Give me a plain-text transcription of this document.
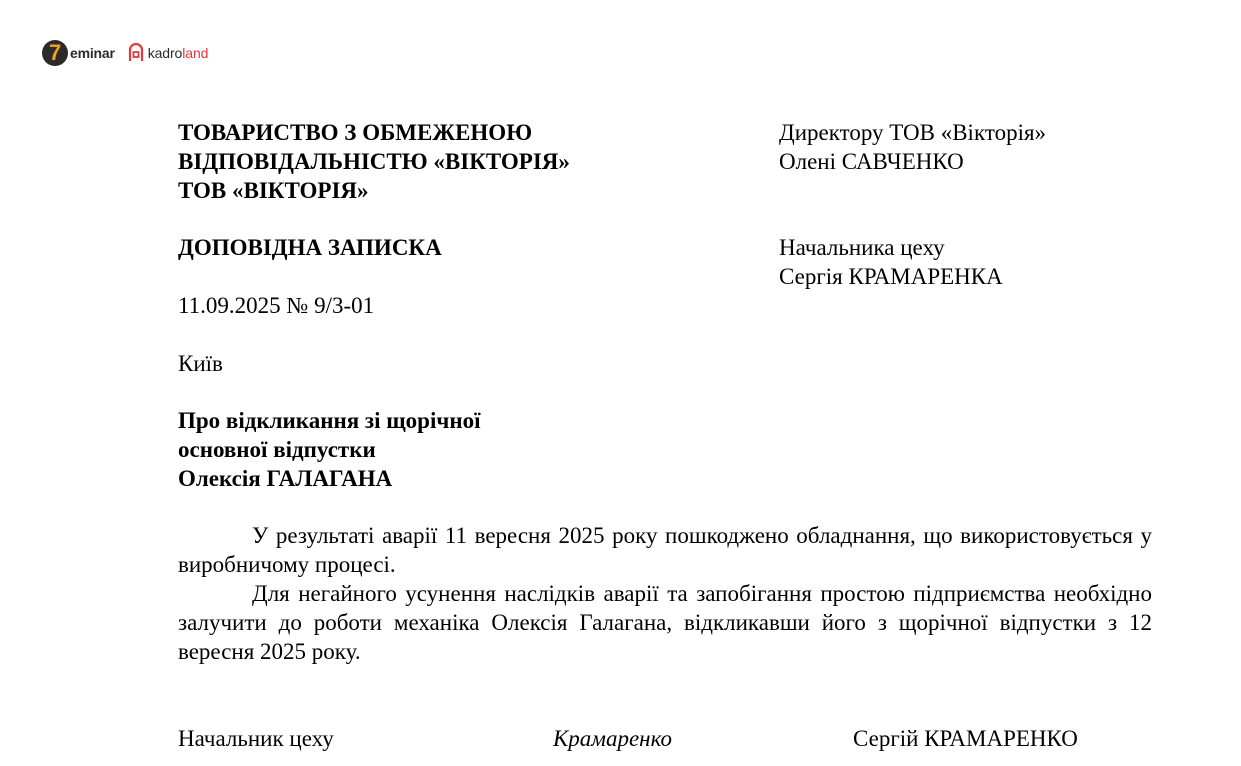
7 eminar kadroland
ТОВАРИСТВО З ОБМЕЖЕНОЮ
ВІДПОВІДАЛЬНІСТЮ «ВІКТОРІЯ»
ТОВ «ВІКТОРІЯ»
Директору ТОВ «Вікторія»
Олені САВЧЕНКО
ДОПОВІДНА ЗАПИСКА	Начальника цеху
Сергія КРАМАРЕНКА
11.09.2025 № 9/3-01
Київ
Про відкликання зі щорічної
основної відпустки
Олексія ГАЛАГАНА

У результаті аварії 11 вересня 2025 року пошкоджено обладнання, що використовується у виробничому процесі.

Для негайного усунення наслідків аварії та запобігання простою підприємства необхідно залучити до роботи механіка Олексія Галагана, відкликавши його з щорічної відпустки з 12 вересня 2025 року.

Начальник цеху	Крамаренко	Сергій КРАМАРЕНКО
